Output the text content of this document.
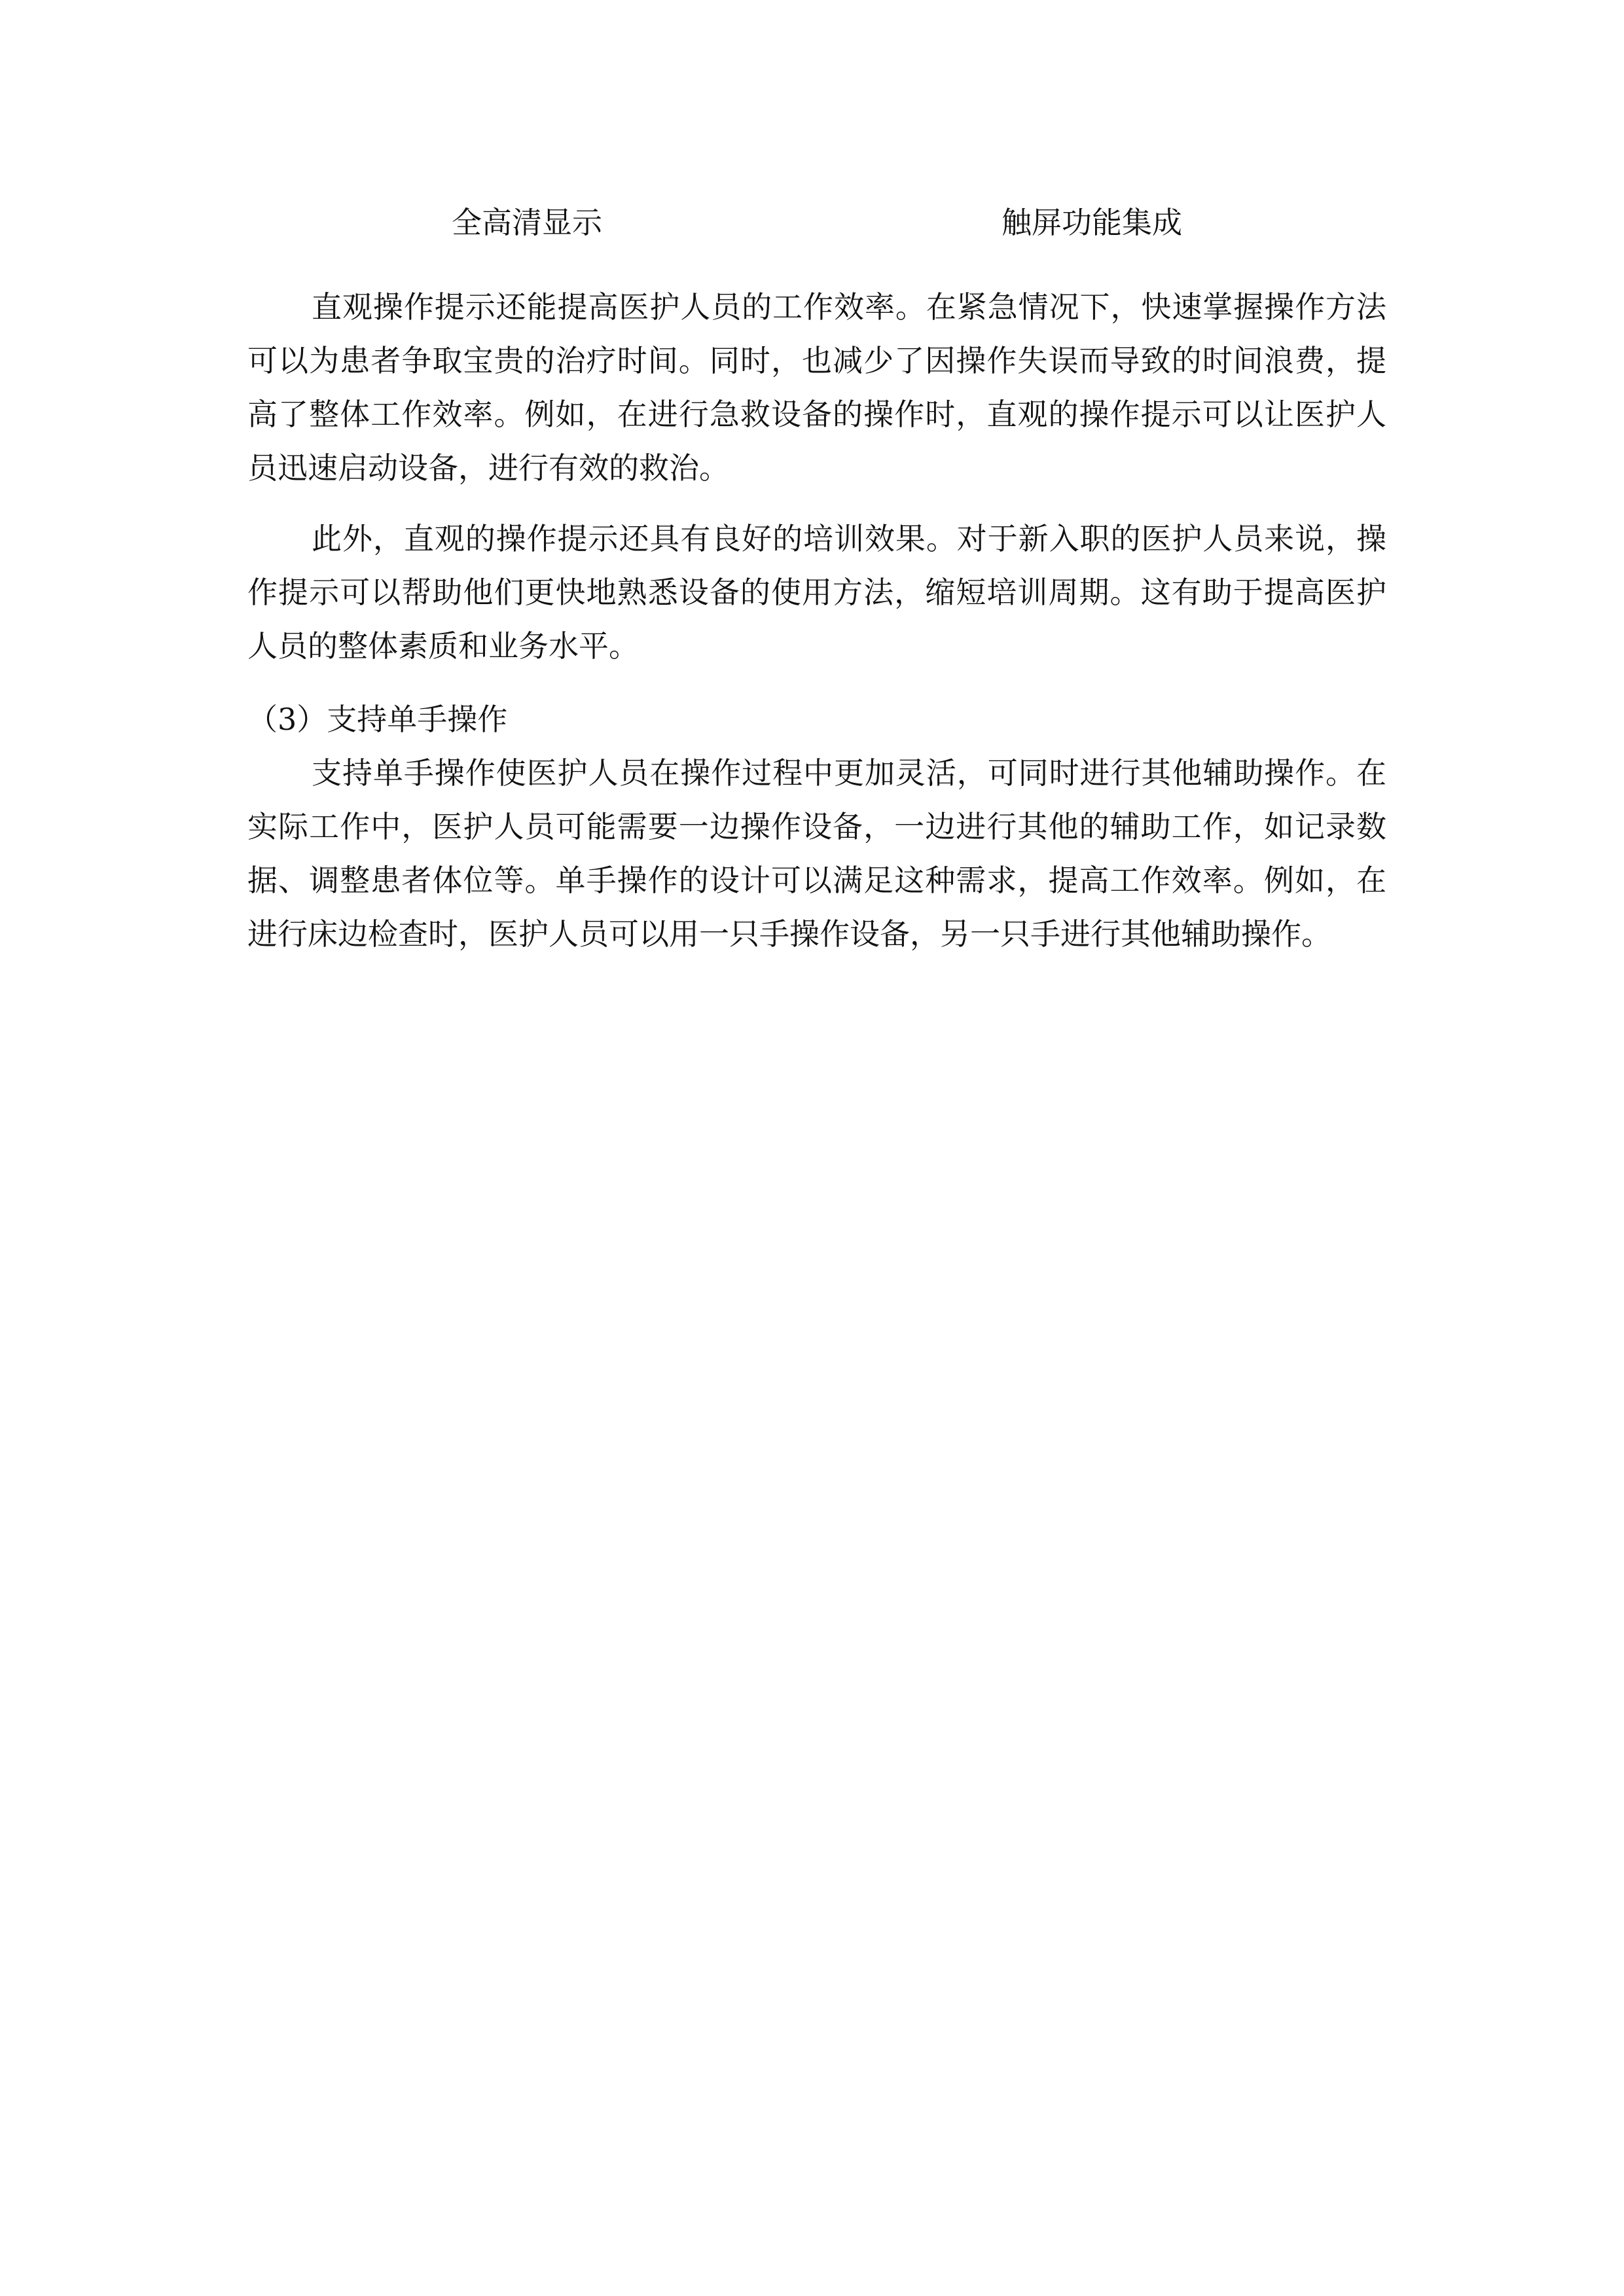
全高清显示	触屏功能集成

直观操作提示还能提高医护人员的工作效率。在紧急情况下，快速掌握操作方法可以为患者争取宝贵的治疗时间。同时，也减少了因操作失误而导致的时间浪费，提高了整体工作效率。例如，在进行急救设备的操作时，直观的操作提示可以让医护人员迅速启动设备，进行有效的救治。

此外，直观的操作提示还具有良好的培训效果。对于新入职的医护人员来说，操作提示可以帮助他们更快地熟悉设备的使用方法，缩短培训周期。这有助于提高医护人员的整体素质和业务水平。

（3）支持单手操作

支持单手操作使医护人员在操作过程中更加灵活，可同时进行其他辅助操作。在实际工作中，医护人员可能需要一边操作设备，一边进行其他的辅助工作，如记录数据、调整患者体位等。单手操作的设计可以满足这种需求，提高工作效率。例如，在进行床边检查时，医护人员可以用一只手操作设备，另一只手进行其他辅助操作。
